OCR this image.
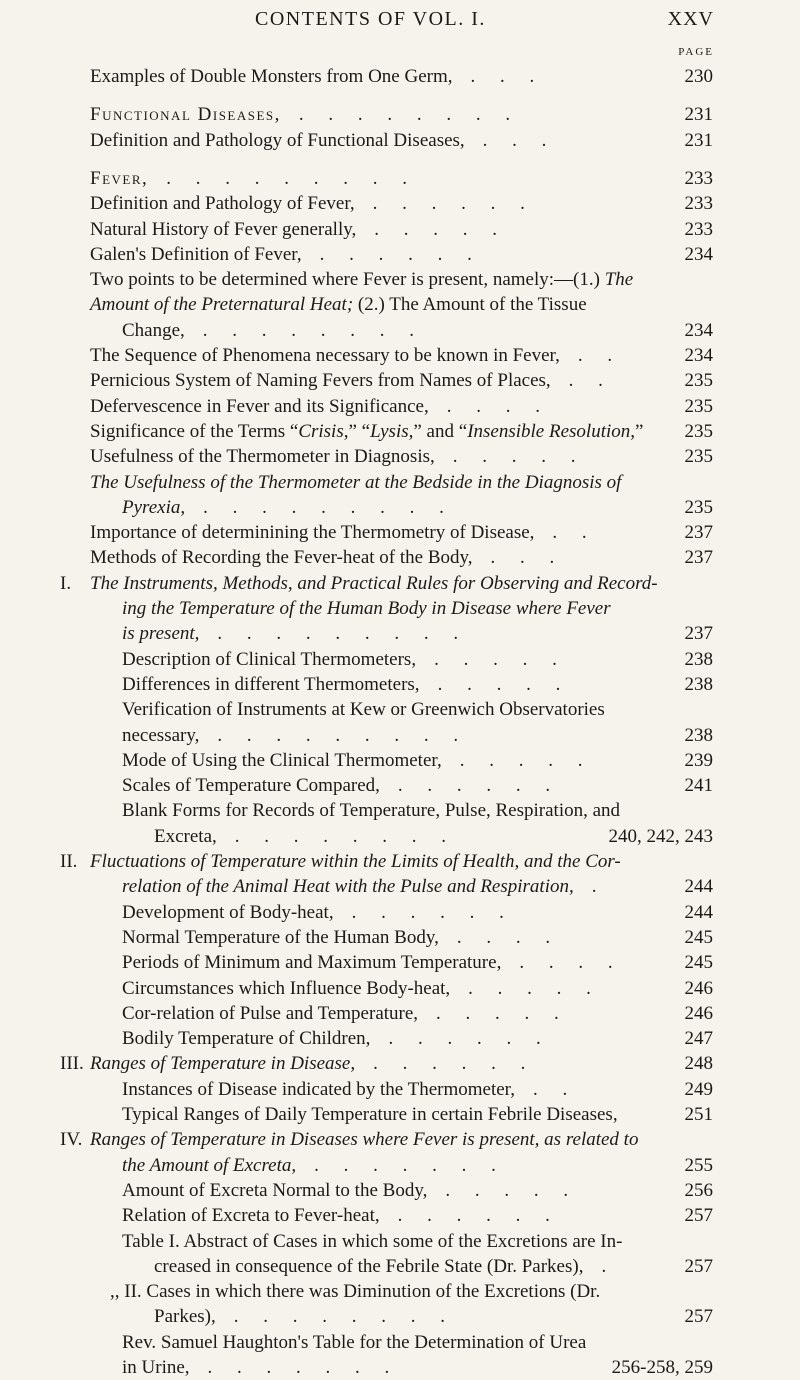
CONTENTS OF VOL. I.	XXV
PAGE
Examples of Double Monsters from One Germ, . . .	230
Functional Diseases, . . . . . . . .	231
Definition and Pathology of Functional Diseases, . . .	231
Fever, . . . . . . . . .	233
Definition and Pathology of Fever, . . . . . .	233
Natural History of Fever generally, . . . . .	233
Galen's Definition of Fever, . . . . . .	234
Two points to be determined where Fever is present, namely:—(1.) The
Amount of the Preternatural Heat; (2.) The Amount of the Tissue
Change, . . . . . . . .	234
The Sequence of Phenomena necessary to be known in Fever, . .	234
Pernicious System of Naming Fevers from Names of Places, . .	235
Defervescence in Fever and its Significance, . . . .	235
Significance of the Terms “Crisis,” “Lysis,” and “Insensible Resolution,”	235
Usefulness of the Thermometer in Diagnosis, . . . . .	235
The Usefulness of the Thermometer at the Bedside in the Diagnosis of
Pyrexia, . . . . . . . . .	235
Importance of determinining the Thermometry of Disease, . .	237
Methods of Recording the Fever-heat of the Body, . . .	237
I. The Instruments, Methods, and Practical Rules for Observing and Record-
ing the Temperature of the Human Body in Disease where Fever
is present, . . . . . . . . .	237
Description of Clinical Thermometers, . . . . .	238
Differences in different Thermometers, . . . . .	238
Verification of Instruments at Kew or Greenwich Observatories
necessary, . . . . . . . . .	238
Mode of Using the Clinical Thermometer, . . . . .	239
Scales of Temperature Compared, . . . . . .	241
Blank Forms for Records of Temperature, Pulse, Respiration, and
Excreta, . . . . . . . .	240, 242, 243
II. Fluctuations of Temperature within the Limits of Health, and the Cor-
relation of the Animal Heat with the Pulse and Respiration, .	244
Development of Body-heat, . . . . . .	244
Normal Temperature of the Human Body, . . . .	245
Periods of Minimum and Maximum Temperature, . . . .	245
Circumstances which Influence Body-heat, . . . . .	246
Cor-relation of Pulse and Temperature, . . . . .	246
Bodily Temperature of Children, . . . . . .	247
III. Ranges of Temperature in Disease, . . . . . .	248
Instances of Disease indicated by the Thermometer, . .	249
Typical Ranges of Daily Temperature in certain Febrile Diseases,	251
IV. Ranges of Temperature in Diseases where Fever is present, as related to
the Amount of Excreta, . . . . . . .	255
Amount of Excreta Normal to the Body, . . . . .	256
Relation of Excreta to Fever-heat, . . . . . .	257
Table I. Abstract of Cases in which some of the Excretions are In-
creased in consequence of the Febrile State (Dr. Parkes), .	257
,, II. Cases in which there was Diminution of the Excretions (Dr.
Parkes), . . . . . . . .	257
Rev. Samuel Haughton's Table for the Determination of Urea
in Urine, . . . . . . .	256-258, 259
